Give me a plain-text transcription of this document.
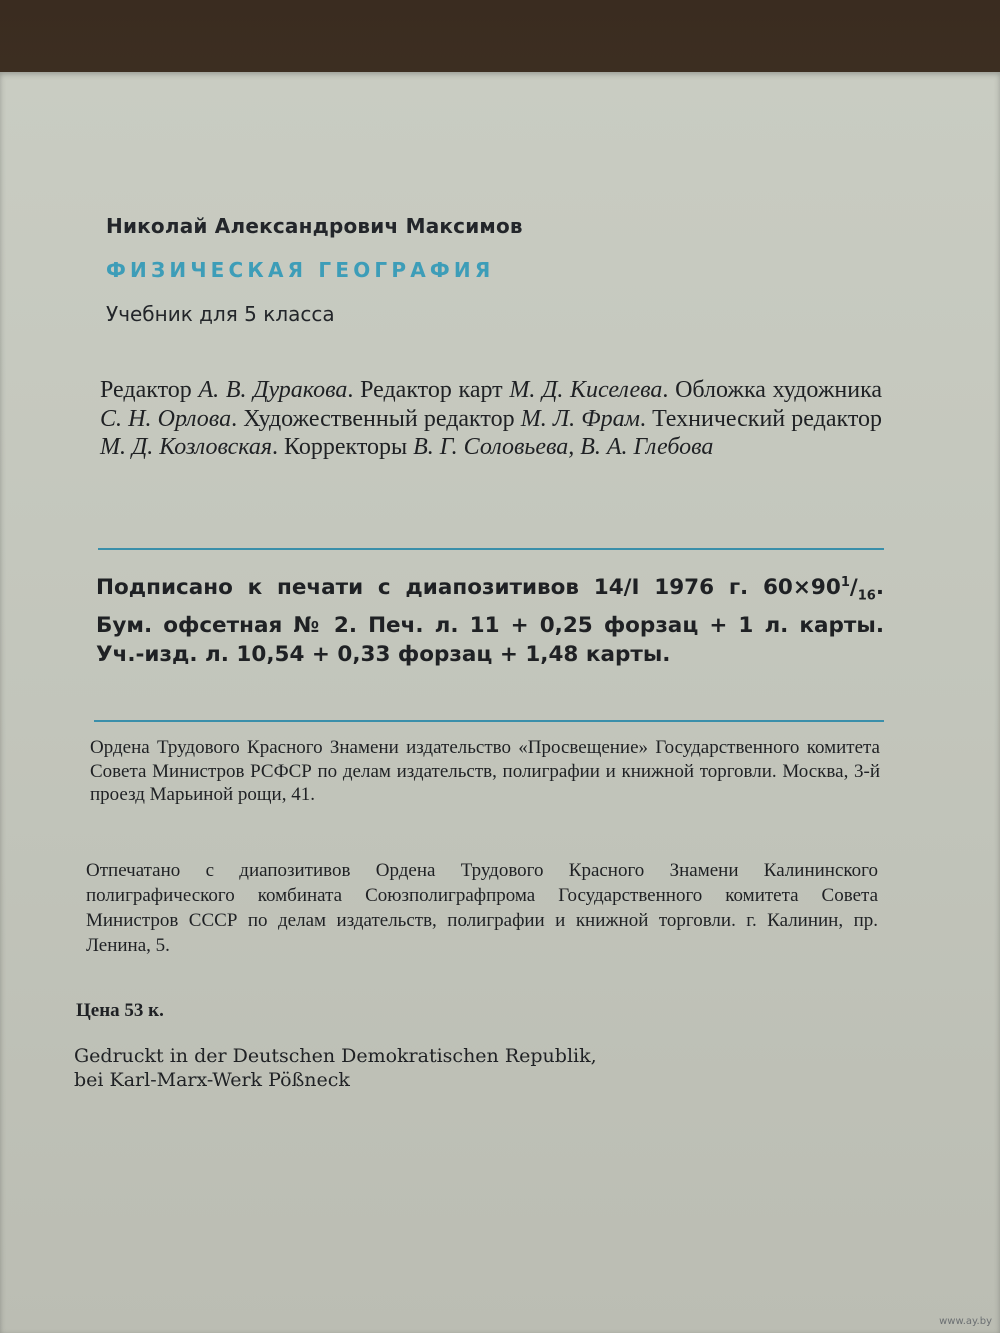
Николай Александрович Максимов
ФИЗИЧЕСКАЯ ГЕОГРАФИЯ
Учебник для 5 класса
Редактор А. В. Дуракова. Редактор карт М. Д. Киселева. Обложка художника С. Н. Орлова. Художественный редактор М. Л. Фрам. Технический редактор М. Д. Козловская. Корректоры В. Г. Соловьева, В. А. Глебова
Подписано к печати с диапозитивов 14/I 1976 г. $60\times 90^1/_{16}$. Бум. офсетная № 2. Печ. л. 11 + 0,25 форзац + 1 л. карты. Уч.-изд. л. 10,54 + 0,33 форзац + 1,48 карты.
Ордена Трудового Красного Знамени издательство «Просвещение» Государственного комитета Совета Министров РСФСР по делам издательств, полиграфии и книжной торговли. Москва, 3-й проезд Марьиной рощи, 41.
Отпечатано с диапозитивов Ордена Трудового Красного Знамени Калининского полиграфического комбината Союзполиграфпрома Государственного комитета Совета Министров СССР по делам издательств, полиграфии и книжной торговли. г. Калинин, пр. Ленина, 5.
Цена 53 к.
Gedruckt in der Deutschen Demokratischen Republik,
bei Karl-Marx-Werk Pößneck
www.ay.by
